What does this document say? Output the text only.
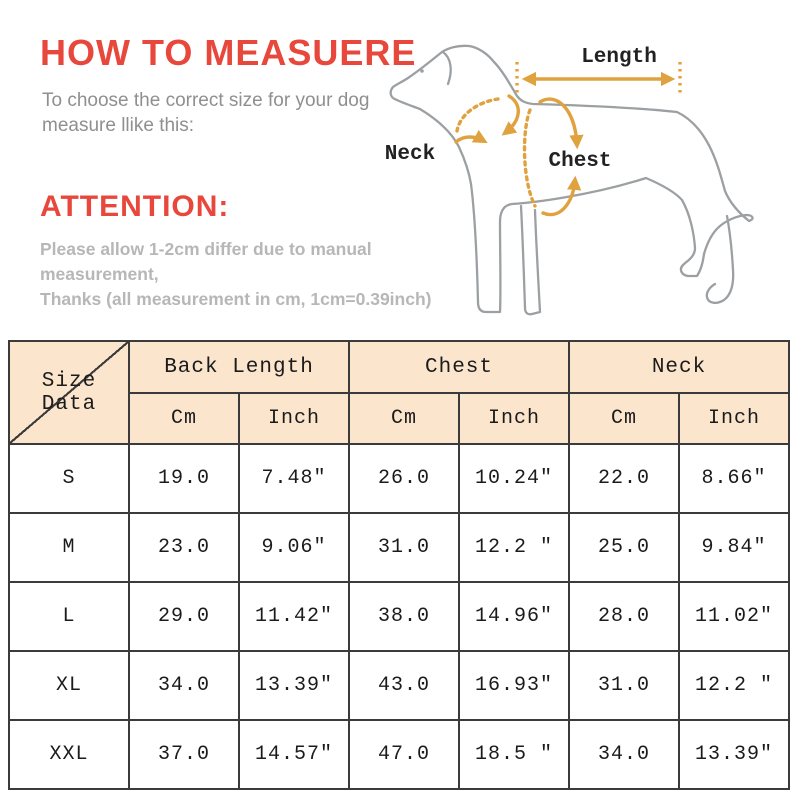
HOW TO MEASUERE
To choose the correct size for your dog
measure llike this:
ATTENTION:
Please allow 1-2cm differ due to manual measurement,
Thanks (all measurement in cm, 1cm=0.39inch)
Length
Neck	Chest
Size Data	Back Length		Chest		Neck	
	Cm	Inch	Cm	Inch	Cm	Inch
S	19.0	7.48″	26.0	10.24″	22.0	8.66″
M	23.0	9.06″	31.0	12.2 ″	25.0	9.84″
L	29.0	11.42″	38.0	14.96″	28.0	11.02″
XL	34.0	13.39″	43.0	16.93″	31.0	12.2 ″
XXL	37.0	14.57″	47.0	18.5 ″	34.0	13.39″
